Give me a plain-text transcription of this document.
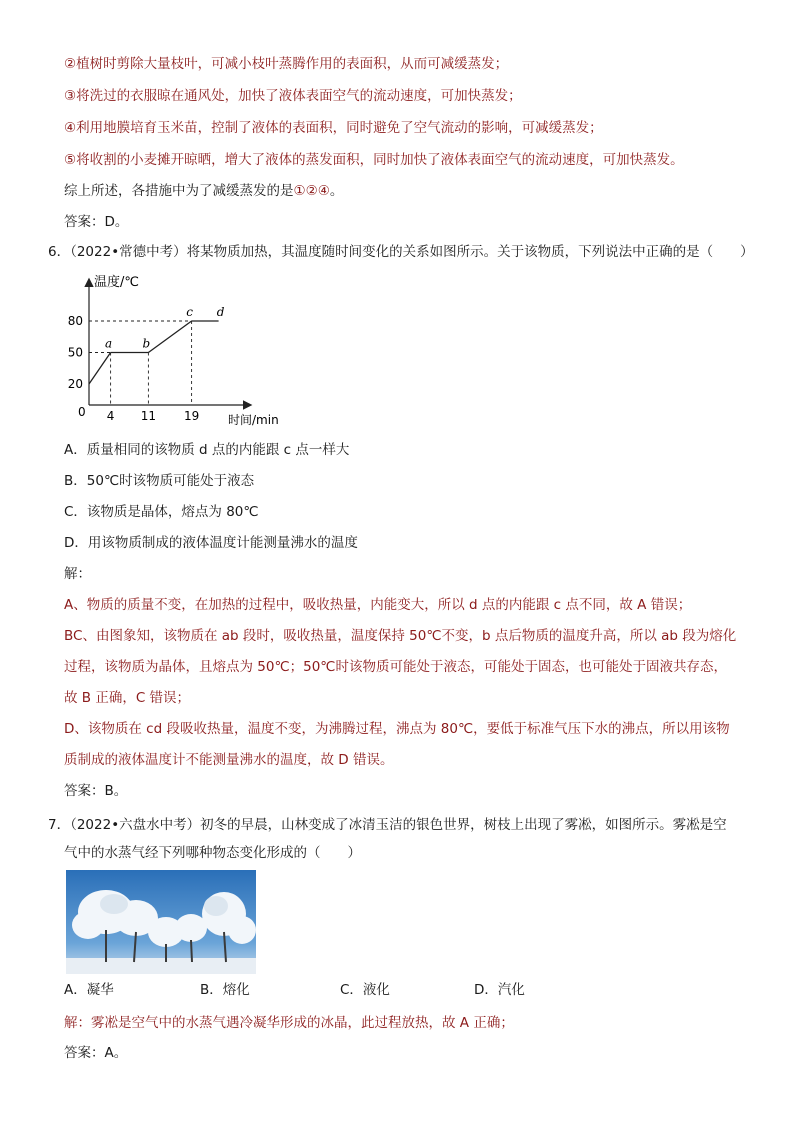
②植树时剪除大量枝叶，可减小枝叶蒸腾作用的表面积，从而可减缓蒸发；
③将洗过的衣服晾在通风处，加快了液体表面空气的流动速度，可加快蒸发；
④利用地膜培育玉米苗，控制了液体的表面积，同时避免了空气流动的影响，可减缓蒸发；
⑤将收割的小麦摊开晾晒，增大了液体的蒸发面积，同时加快了液体表面空气的流动速度，可加快蒸发。
综上所述，各措施中为了减缓蒸发的是①②④。
答案：D。
6．（2022•常德中考）将某物质加热，其温度随时间变化的关系如图所示。关于该物质，下列说法中正确的是（　　）
4 11 19
20
50
80
a	b
c d
温度/℃
时间/min
0
A．质量相同的该物质 d 点的内能跟 c 点一样大
B．50℃时该物质可能处于液态
C．该物质是晶体，熔点为 80℃
D．用该物质制成的液体温度计能测量沸水的温度
解：
A、物质的质量不变，在加热的过程中，吸收热量，内能变大，所以 d 点的内能跟 c 点不同，故 A 错误；
BC、由图象知，该物质在 ab 段时，吸收热量，温度保持 50℃不变，b 点后物质的温度升高，所以 ab 段为熔化
过程，该物质为晶体，且熔点为 50℃；50℃时该物质可能处于液态，可能处于固态，也可能处于固液共存态，
故 B 正确，C 错误；
D、该物质在 cd 段吸收热量，温度不变，为沸腾过程，沸点为 80℃，要低于标准气压下水的沸点，所以用该物
质制成的液体温度计不能测量沸水的温度，故 D 错误。
答案：B。
7．（2022•六盘水中考）初冬的早晨，山林变成了冰清玉洁的银色世界，树枝上出现了雾凇，如图所示。雾凇是空
气中的水蒸气经下列哪种物态变化形成的（　　）
A．凝华	B．熔化	C．液化	D．汽化
解：雾凇是空气中的水蒸气遇冷凝华形成的冰晶，此过程放热，故 A 正确；
答案：A。
